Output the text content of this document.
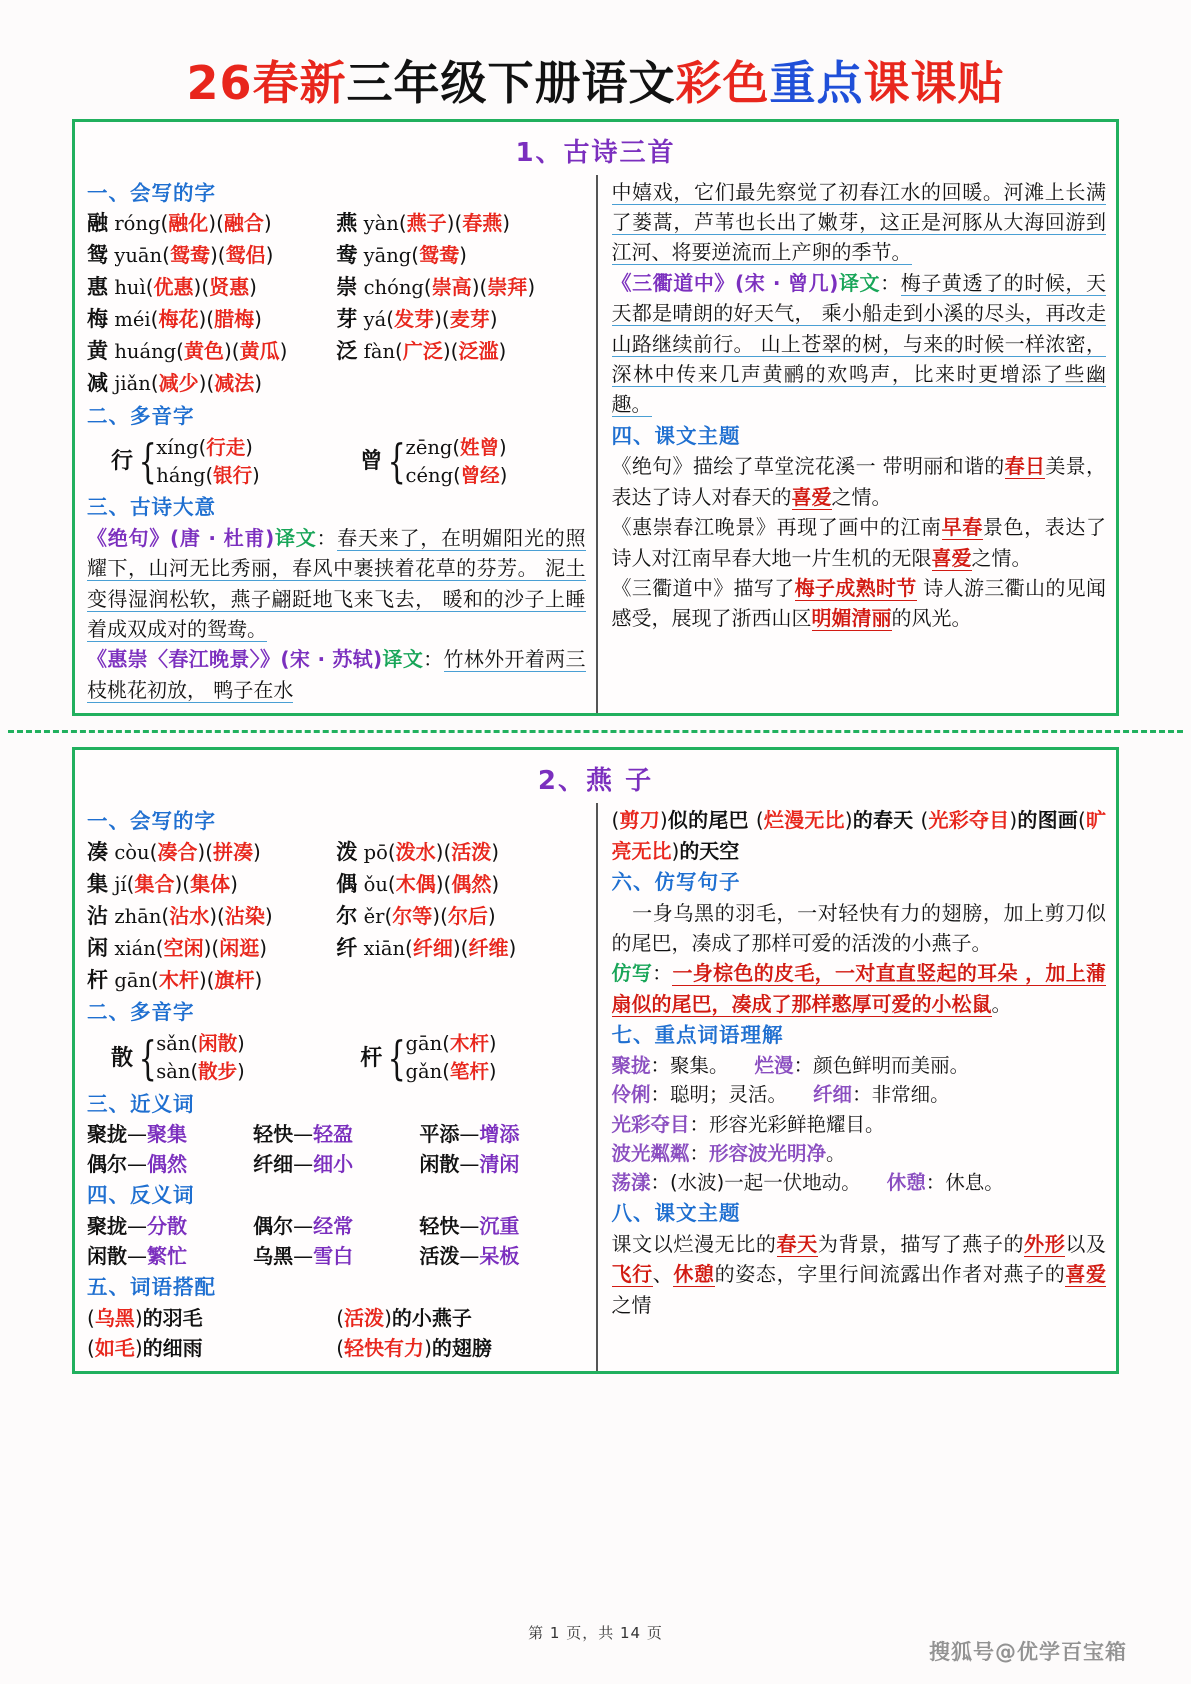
26春新三年级下册语文彩色重点课课贴
1、古诗三首
一、会写的字
融 róng(融化)(融合)	燕 yàn(燕子)(春燕)
鸳 yuān(鸳鸯)(鸳侣)	鸯 yāng(鸳鸯)
惠 huì(优惠)(贤惠)	崇 chóng(崇高)(崇拜)
梅 méi(梅花)(腊梅)	芽 yá(发芽)(麦芽)
黄 huáng(黄色)(黄瓜)	泛 fàn(广泛)(泛滥)
减 jiǎn(减少)(减法)
二、多音字
行 { xíng(行走)
háng(银行)
曾 { zēng(姓曾)
céng(曾经)
三、古诗大意
《绝句》(唐 · 杜甫)译文：春天来了，在明媚阳光的照耀下，山河无比秀丽，春风中裹挟着花草的芬芳。 泥土变得湿润松软，燕子翩跹地飞来飞去， 暖和的沙子上睡着成双成对的鸳鸯。
《惠崇〈春江晚景〉》(宋 · 苏轼)译文：竹林外开着两三枝桃花初放， 鸭子在水
中嬉戏，它们最先察觉了初春江水的回暖。河滩上长满了蒌蒿，芦苇也长出了嫩芽，这正是河豚从大海回游到江河、将要逆流而上产卵的季节。
《三衢道中》(宋 · 曾几)译文：梅子黄透了的时候，天天都是晴朗的好天气， 乘小船走到小溪的尽头，再改走山路继续前行。 山上苍翠的树，与来的时候一样浓密， 深林中传来几声黄鹂的欢鸣声，比来时更增添了些幽趣。
四、课文主题
《绝句》描绘了草堂浣花溪一 带明丽和谐的春日美景，表达了诗人对春天的喜爱之情。
《惠崇春江晚景》再现了画中的江南早春景色，表达了诗人对江南早春大地一片生机的无限喜爱之情。
《三衢道中》描写了梅子成熟时节 诗人游三衢山的见闻感受，展现了浙西山区明媚清丽的风光。
2、燕 子
一、会写的字
凑 còu(凑合)(拼凑)	泼 pō(泼水)(活泼)
集 jí(集合)(集体)	偶 ǒu(木偶)(偶然)
沾 zhān(沾水)(沾染)	尔 ěr(尔等)(尔后)
闲 xián(空闲)(闲逛)	纤 xiān(纤细)(纤维)
杆 gān(木杆)(旗杆)
二、多音字
散 { sǎn(闲散)
sàn(散步)
杆 { gān(木杆)
gǎn(笔杆)
三、近义词
聚拢—聚集	轻快—轻盈	平添—增添
偶尔—偶然	纤细—细小	闲散—清闲
四、反义词
聚拢—分散	偶尔—经常	轻快—沉重
闲散—繁忙	乌黑—雪白	活泼—呆板
五、词语搭配
(乌黑)的羽毛	(活泼)的小燕子
(如毛)的细雨	(轻快有力)的翅膀
(剪刀)似的尾巴 (烂漫无比)的春天 (光彩夺目)的图画(旷亮无比)的天空
六、仿写句子
　一身乌黑的羽毛，一对轻快有力的翅膀，加上剪刀似的尾巴，凑成了那样可爱的活泼的小燕子。
仿写：一身棕色的皮毛，一对直直竖起的耳朵 ，加上蒲扇似的尾巴，凑成了那样憨厚可爱的小松鼠。
七、重点词语理解
聚拢：聚集。 烂漫：颜色鲜明而美丽。
伶俐：聪明；灵活。 纤细：非常细。
光彩夺目：形容光彩鲜艳耀目。
波光粼粼：形容波光明净。
荡漾：(水波)一起一伏地动。 休憩：休息。
八、课文主题
课文以烂漫无比的春天为背景，描写了燕子的外形以及飞行、休憩的姿态，字里行间流露出作者对燕子的喜爱之情
第 1 页，共 14 页
搜狐号@优学百宝箱
